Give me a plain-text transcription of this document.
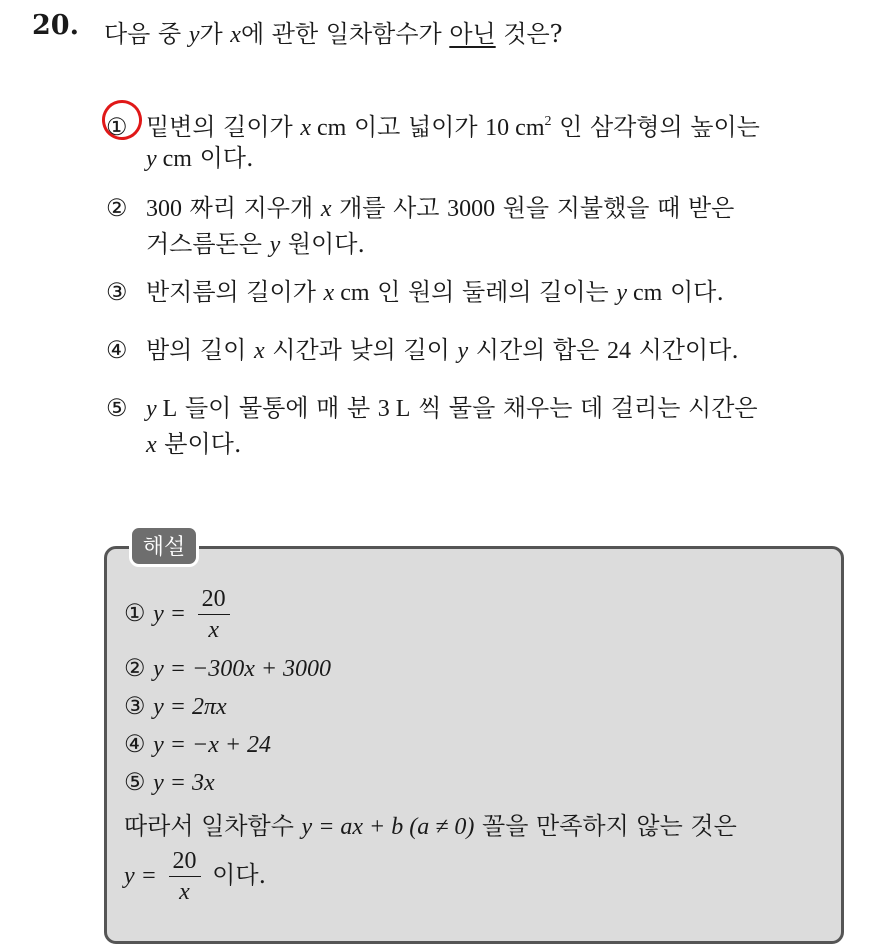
20. 다음 중 y가 x에 관한 일차함수가 아닌 것은?
① 밑변의 길이가 x cm 이고 넓이가 10 $cm^2$ 인 삼각형의 높이는
y cm 이다.
② 300 짜리 지우개 x 개를 사고 3000 원을 지불했을 때 받은
거스름돈은 y 원이다.
③ 반지름의 길이가 x cm 인 원의 둘레의 길이는 y cm 이다.
④ 밤의 길이 x 시간과 낮의 길이 y 시간의 합은 24 시간이다.
⑤ y L 들이 물통에 매 분 3 L 씩 물을 채우는 데 걸리는 시간은
x 분이다.
해설
① $y = \frac{20}{x}$
② y = −300x + 3000
③ y = 2πx
④ y = −x + 24
⑤ y = 3x
따라서 일차함수 y = ax + b (a ≠ 0) 꼴을 만족하지 않는 것은
$y = \frac{20}{x}$ 이다.
